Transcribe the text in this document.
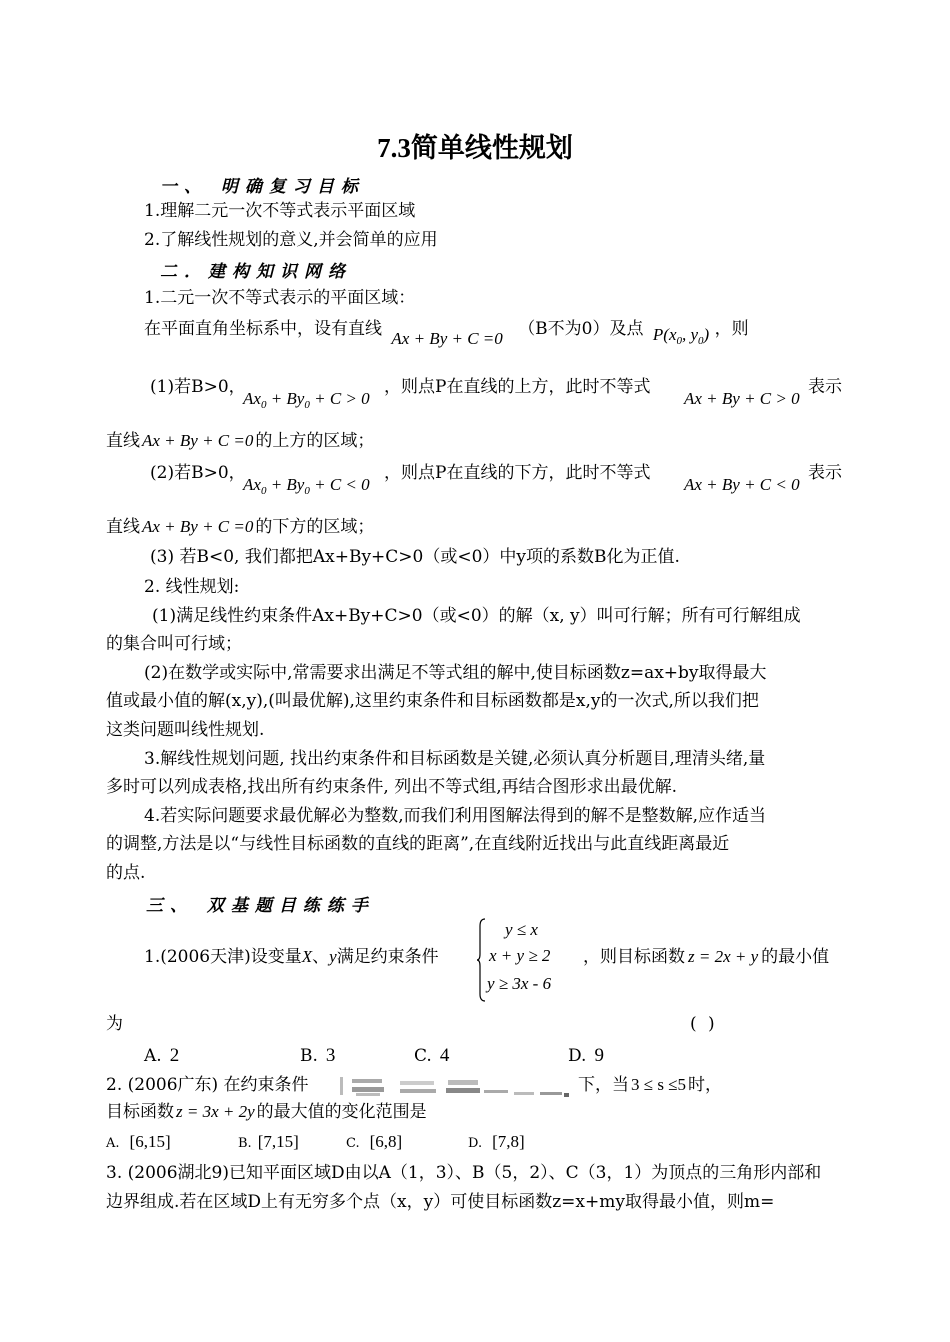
7.3简单线性规划
一、 明确复习目标
1.理解二元一次不等式表示平面区域
2.了解线性规划的意义,并会简单的应用
二．建构知识网络
1.二元一次不等式表示的平面区域：
在平面直角坐标系中，设有直线 Ax + By + C =0 （B不为0）及点 $P(x_0$, $y_0$) ，则
(1)若B>0，
$Ax_0 + By_0 + C > 0$
，则点P在直线的上方，此时不等式
Ax + By + C > 0
表示
直线 Ax + By + C =0 的上方的区域；
(2)若B>0，
$Ax_0 + By_0 + C < 0$
，则点P在直线的下方，此时不等式
Ax + By + C < 0
表示
直线 Ax + By + C =0 的下方的区域；
(3) 若B<0, 我们都把Ax+By+C>0（或<0）中y项的系数B化为正值.
2. 线性规划:
(1)满足线性约束条件Ax+By+C>0（或<0）的解（x, y）叫可行解；所有可行解组成
的集合叫可行域；
(2)在数学或实际中,常需要求出满足不等式组的解中,使目标函数z=ax+by取得最大
值或最小值的解(x,y),(叫最优解),这里约束条件和目标函数都是x,y的一次式,所以我们把
这类问题叫线性规划.
3.解线性规划问题, 找出约束条件和目标函数是关键,必须认真分析题目,理清头绪,量
多时可以列成表格,找出所有约束条件, 列出不等式组,再结合图形求出最优解.
4.若实际问题要求最优解必为整数,而我们利用图解法得到的解不是整数解,应作适当
的调整,方法是以“与线性目标函数的直线的距离”,在直线附近找出与此直线距离最近
的点.
三、 双基题目练练手
1.(2006天津)设变量X、y满足约束条件
y ≤ x
x + y ≥ 2
y ≥ 3x - 6
，则目标函数 z = 2x + y 的最小值
为	( )
A. 2	B. 3	C. 4	D. 9
2. (2006广东) 在约束条件	下，当 3 ≤ s ≤5 时，
目标函数 z = 3x + 2y 的最大值的变化范围是
A. [6,15]	B. [7,15]	C. [6,8]	D. [7,8]
3. (2006湖北9)已知平面区域D由以A（1，3）、B（5，2）、C（3，1）为顶点的三角形内部和
边界组成.若在区域D上有无穷多个点（x，y）可使目标函数z=x+my取得最小值，则m=
